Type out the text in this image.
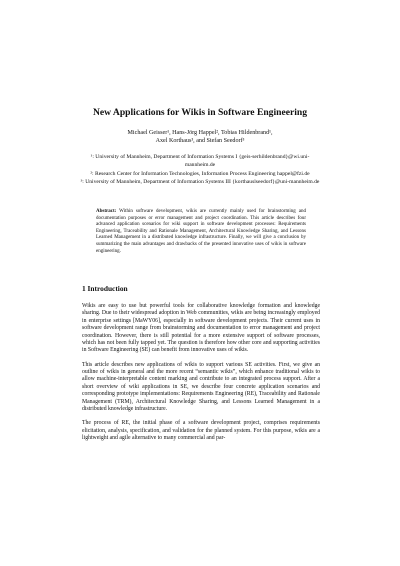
New Applications for Wikis in Software Engineering
Michael Geisser¹, Hans-Jörg Happel², Tobias Hildenbrand¹,
Axel Korthaus³, and Stefan Seedorf³

¹: University of Mannheim, Department of Information Systems I {geis-serhildenbrand}@wi.uni-mannheim.de

²: Research Center for Information Technologies, Information Process Engineering happel@fzi.de

³: University of Mannheim, Department of Information Systems III {korthauslseedorf}@uni-mannheim.de

Abstract: Within software development, wikis are currently mainly used for brainstorming and documentation purposes or error management and project coordination. This article describes four advanced application scenarios for wiki support in software development processes: Requirements Engineering, Traceability and Rationale Management, Architectural Knowledge Sharing, and Lessons Learned Management in a distributed knowledge infrastructure. Finally, we will give a conclusion by summarizing the main advantages and drawbacks of the presented innovative uses of wikis in software engineering.
1 Introduction

Wikis are easy to use but powerful tools for collaborative knowledge formation and knowledge sharing. Due to their widespread adoption in Web communities, wikis are being increasingly employed in enterprise settings [MaWY06], especially in software development projects. Their current uses in software development range from brainstorming and documentation to error management and project coordination. However, there is still potential for a more extensive support of software processes, which has not been fully tapped yet. The question is therefore how other core and supporting activities in Software Engineering (SE) can benefit from innovative uses of wikis.

This article describes new applications of wikis to support various SE activities. First, we give an outline of wikis in general and the more recent “semantic wikis”, which enhance traditional wikis to allow machine-interpretable content marking and contribute to an integrated process support. After a short overview of wiki applications in SE, we describe four concrete application scenarios and corresponding prototype implementations: Requirements Engineering (RE), Traceability and Rationale Management (TRM), Architectural Knowledge Sharing, and Lessons Learned Management in a distributed knowledge infrastructure.

The process of RE, the initial phase of a software development project, comprises requirements elicitation, analysis, specification, and validation for the planned system. For this purpose, wikis are a lightweight and agile alternative to many commercial and par-
